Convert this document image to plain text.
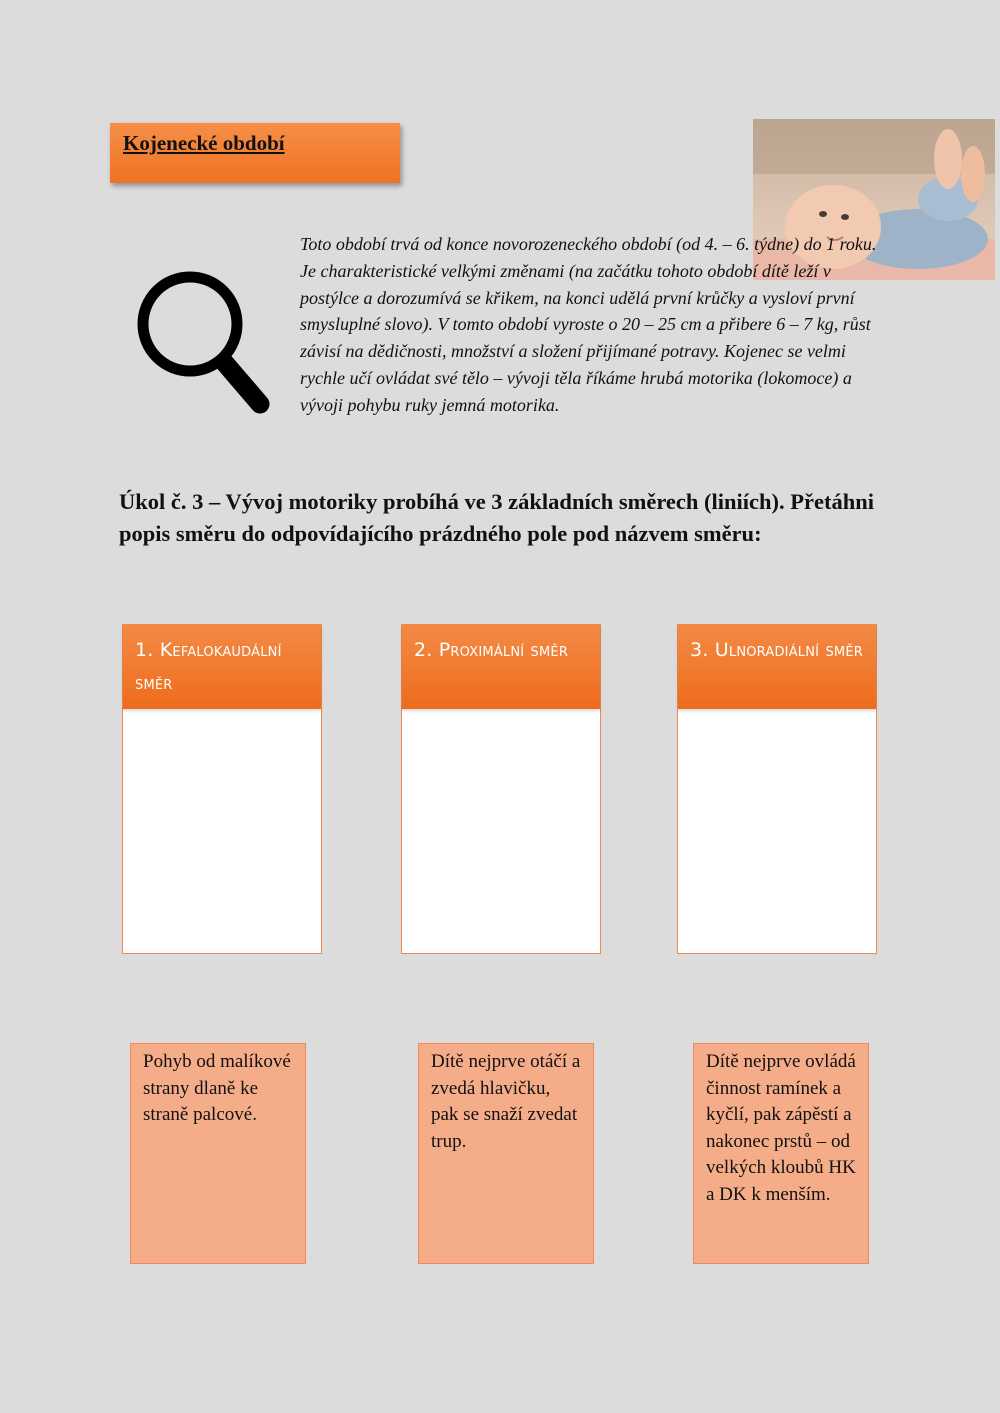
Kojenecké období

Toto období trvá od konce novorozeneckého období (od 4. – 6. týdne) do 1 roku. Je charakteristické velkými změnami (na začátku tohoto období dítě leží v postýlce a dorozumívá se křikem, na konci udělá první krůčky a vysloví první smysluplné slovo). V tomto období vyroste o 20 – 25 cm a přibere 6 – 7 kg, růst závisí na dědičnosti, množství a složení přijímané potravy. Kojenec se velmi rychle učí ovládat své tělo – vývoji těla říkáme hrubá motorika (lokomoce) a vývoji pohybu ruky jemná motorika.

Úkol č. 3 – Vývoj motoriky probíhá ve 3 základních směrech (liniích). Přetáhni popis směru do odpovídajícího prázdného pole pod názvem směru:

1. Kefalokaudální směr
2. Proximální směr	3. Ulnoradiální směr
Pohyb od malíkové strany dlaně ke straně palcové.
Dítě nejprve otáčí a zvedá hlavičku, pak se snaží zvedat trup.
Dítě nejprve ovládá činnost ramínek a kyčlí, pak zápěstí a nakonec prstů – od velkých kloubů HK a DK k menším.
